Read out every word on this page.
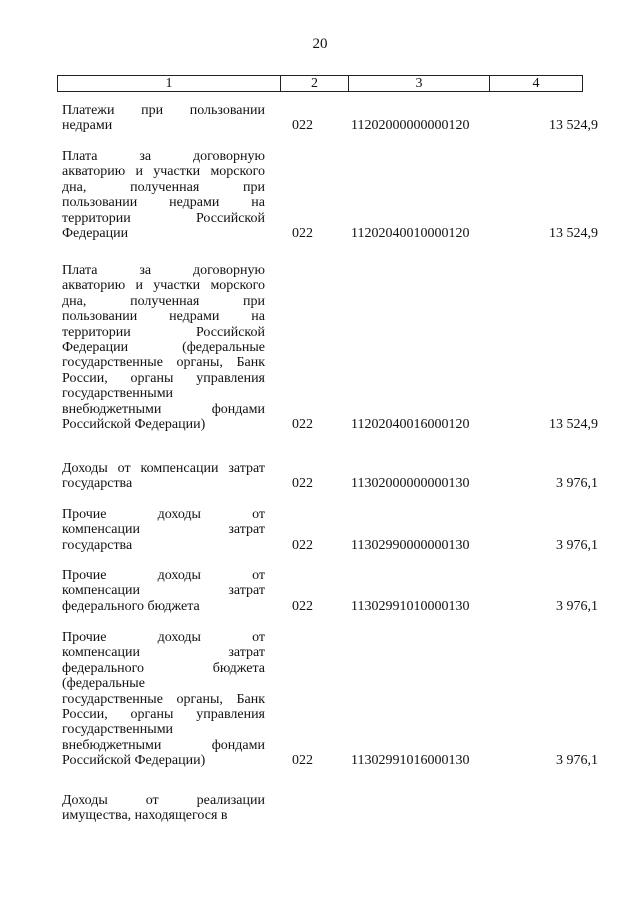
20
1	2	3	4
Платежи при пользовании
недрами	022	11202000000000120	13 524,9
Плата за договорную
акваторию и участки морского
дна, полученная при
пользовании недрами на
территории Российской
Федерации	022	11202040010000120	13 524,9
Плата за договорную
акваторию и участки морского
дна, полученная при
пользовании недрами на
территории Российской
Федерации (федеральные
государственные органы, Банк
России, органы управления
государственными
внебюджетными фондами
Российской Федерации)	022	11202040016000120	13 524,9
Доходы от компенсации затрат
государства	022	11302000000000130	3 976,1
Прочие доходы от
компенсации затрат
государства	022	11302990000000130	3 976,1
Прочие доходы от
компенсации затрат
федерального бюджета	022	11302991010000130	3 976,1
Прочие доходы от
компенсации затрат
федерального бюджета
(федеральные
государственные органы, Банк
России, органы управления
государственными
внебюджетными фондами
Российской Федерации)	022	11302991016000130	3 976,1
Доходы от реализации
имущества, находящегося в
